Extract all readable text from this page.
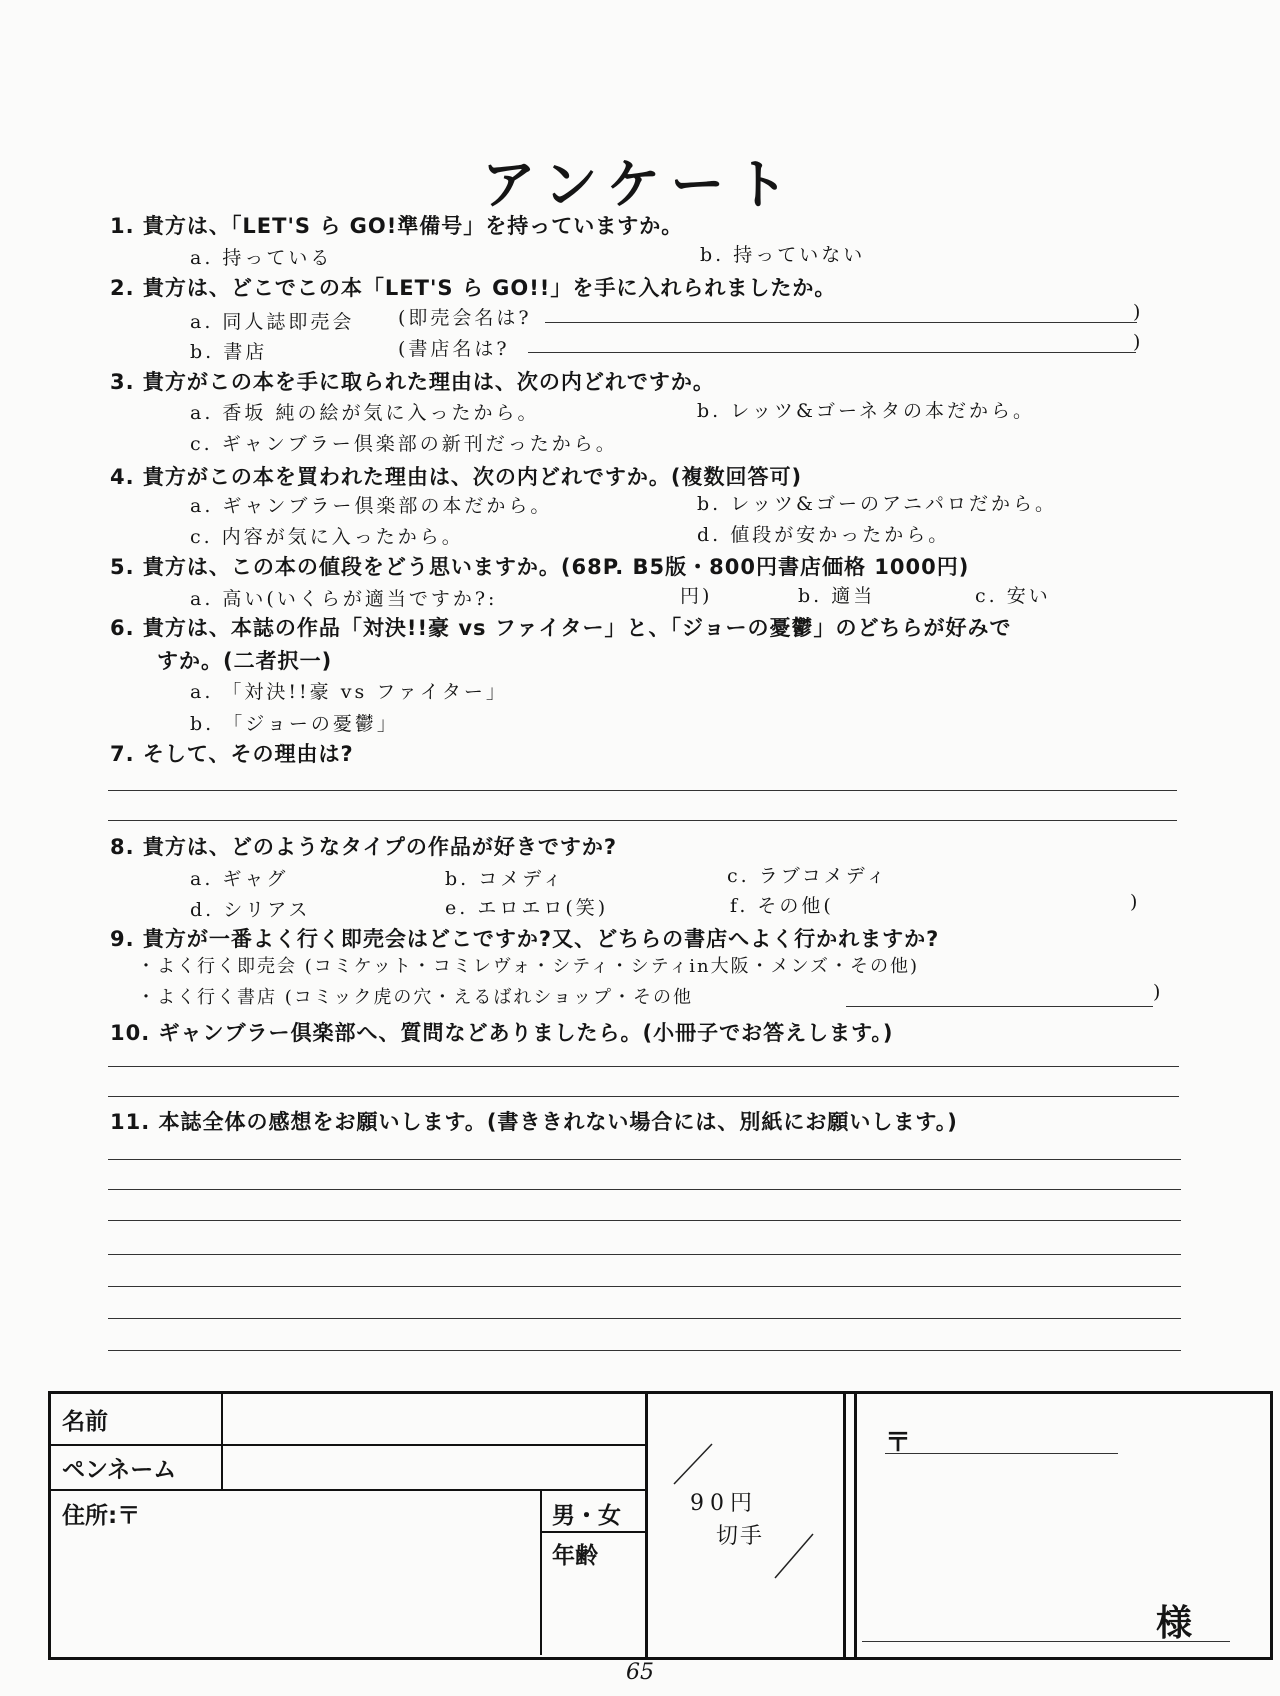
アンケート
1. 貴方は、「LET'S ら GO!準備号」を持っていますか。
a. 持っている	b. 持っていない
2. 貴方は、どこでこの本「LET'S ら GO!!」を手に入れられましたか。
a. 同人誌即売会 (即売会名は?	)
b. 書店	(書店名は?	)
3. 貴方がこの本を手に取られた理由は、次の内どれですか。
a. 香坂 純の絵が気に入ったから。	b. レッツ&ゴーネタの本だから。
c. ギャンブラー倶楽部の新刊だったから。
4. 貴方がこの本を買われた理由は、次の内どれですか。(複数回答可)
a. ギャンブラー倶楽部の本だから。	b. レッツ&ゴーのアニパロだから。
c. 内容が気に入ったから。	d. 値段が安かったから。
5. 貴方は、この本の値段をどう思いますか。(68P. B5版・800円書店価格 1000円)
a. 高い(いくらが適当ですか?:	円)	b. 適当	c. 安い
6. 貴方は、本誌の作品「対決!!豪 vs ファイター」と、「ジョーの憂鬱」のどちらが好みで
すか。(二者択一)
a. 「対決!!豪 vs ファイター」
b. 「ジョーの憂鬱」
7. そして、その理由は?
8. 貴方は、どのようなタイプの作品が好きですか?
a. ギャグ	b. コメディ	c. ラブコメディ
d. シリアス	e. エロエロ(笑)	f. その他(	)
9. 貴方が一番よく行く即売会はどこですか?又、どちらの書店へよく行かれますか?
・よく行く即売会 (コミケット・コミレヴォ・シティ・シティin大阪・メンズ・その他)
・よく行く書店 (コミック虎の穴・えるばれショップ・その他	)
10. ギャンブラー倶楽部へ、質問などありましたら。(小冊子でお答えします。)
11. 本誌全体の感想をお願いします。(書ききれない場合には、別紙にお願いします。)
名前
ペンネーム
住所:〒	男・女
年齢
90円
切手
〒
様
65
